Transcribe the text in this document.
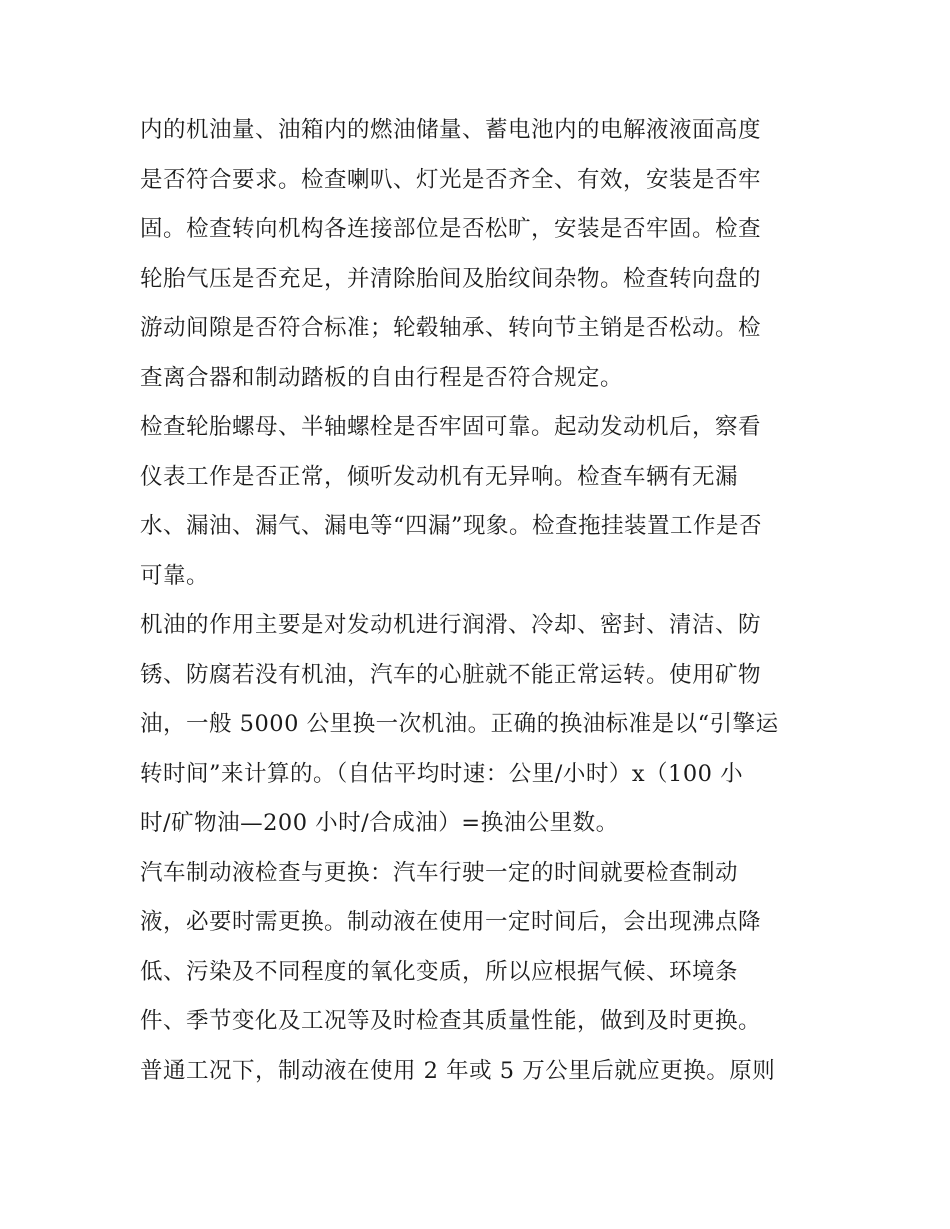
内的机油量、油箱内的燃油储量、蓄电池内的电解液液面高度
是否符合要求。检查喇叭、灯光是否齐全、有效，安装是否牢
固。检查转向机构各连接部位是否松旷，安装是否牢固。检查
轮胎气压是否充足，并清除胎间及胎纹间杂物。检查转向盘的
游动间隙是否符合标准；轮毂轴承、转向节主销是否松动。检
查离合器和制动踏板的自由行程是否符合规定。

检查轮胎螺母、半轴螺栓是否牢固可靠。起动发动机后，察看
仪表工作是否正常，倾听发动机有无异响。检查车辆有无漏
水、漏油、漏气、漏电等“四漏”现象。检查拖挂装置工作是否
可靠。

机油的作用主要是对发动机进行润滑、冷却、密封、清洁、防
锈、防腐若没有机油，汽车的心脏就不能正常运转。使用矿物
油，一般 5000 公里换一次机油。正确的换油标准是以“引擎运
转时间”来计算的。（自估平均时速：公里/小时）x（100 小
时/矿物油—200 小时/合成油）=换油公里数。

汽车制动液检查与更换：汽车行驶一定的时间就要检查制动
液，必要时需更换。制动液在使用一定时间后，会出现沸点降
低、污染及不同程度的氧化变质，所以应根据气候、环境条
件、季节变化及工况等及时检查其质量性能，做到及时更换。
普通工况下，制动液在使用 2 年或 5 万公里后就应更换。原则
